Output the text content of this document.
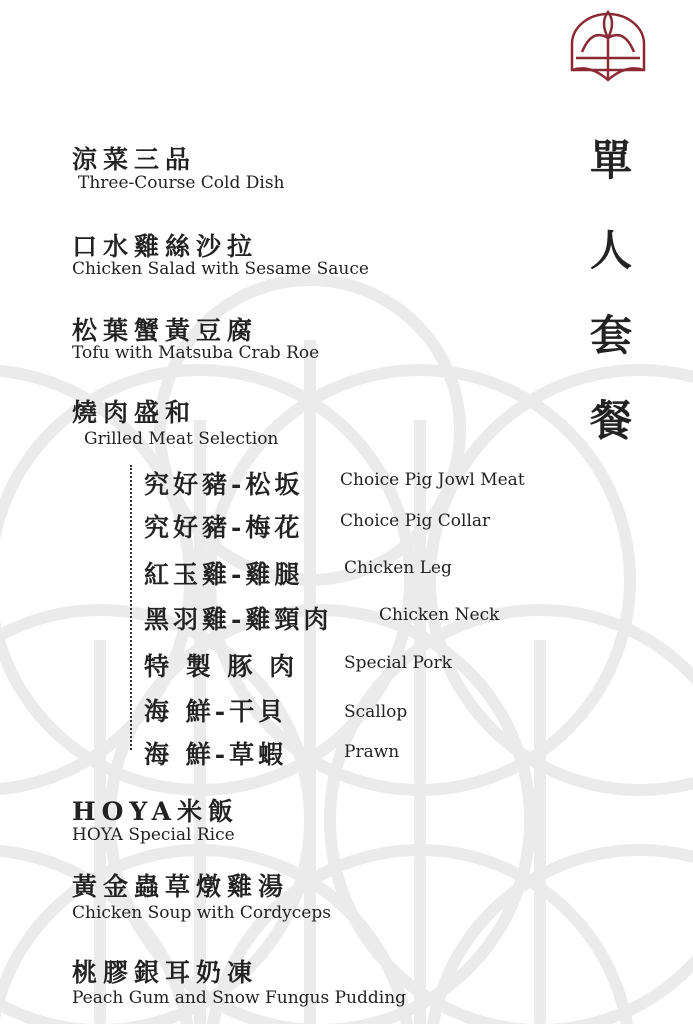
單
人
套
餐
涼菜三品
Three-Course Cold Dish
口水雞絲沙拉
Chicken Salad with Sesame Sauce
松葉蟹黃豆腐
Tofu with Matsuba Crab Roe
燒肉盛和
Grilled Meat Selection
究好豬-松坂 Choice Pig Jowl Meat
究好豬-梅花 Choice Pig Collar
紅玉雞-雞腿 Chicken Leg
黑羽雞-雞頸肉	Chicken Neck
特 製 豚 肉	Special Pork
海 鮮-干貝	Scallop
海 鮮-草蝦	Prawn
HOYA米飯
HOYA Special Rice
黃金蟲草燉雞湯
Chicken Soup with Cordyceps
桃膠銀耳奶凍
Peach Gum and Snow Fungus Pudding
